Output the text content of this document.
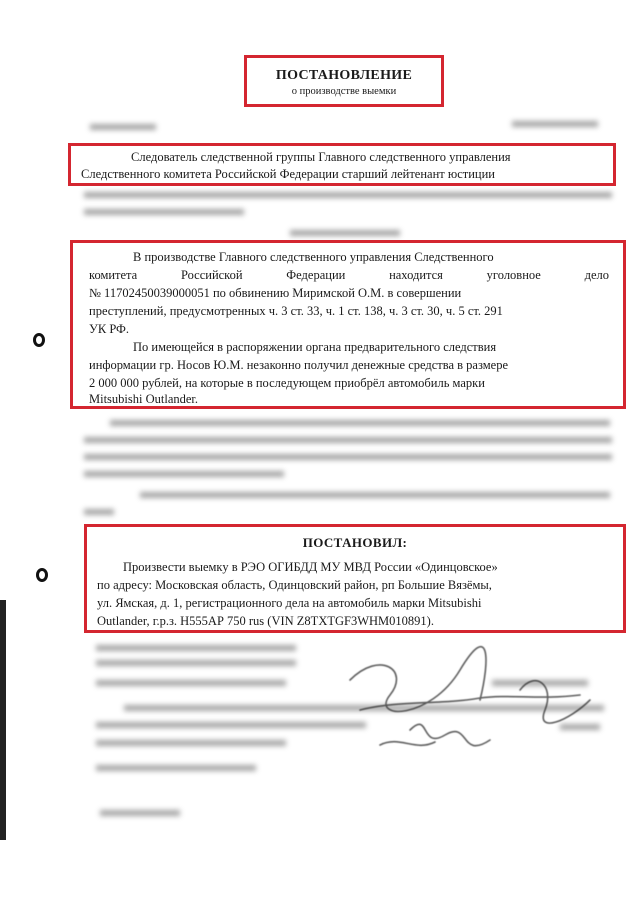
ПОСТАНОВЛЕНИЕ
о производстве выемки
Следователь следственной группы Главного следственного управления
Следственного комитета Российской Федерации старший лейтенант юстиции
В производстве Главного следственного управления Следственного
комитета Российской Федерации находится уголовное дело
№ 11702450039000051 по обвинению Миримской О.М. в совершении
преступлений, предусмотренных ч. 3 ст. 33, ч. 1 ст. 138, ч. 3 ст. 30, ч. 5 ст. 291
УК РФ.
По имеющейся в распоряжении органа предварительного следствия
информации гр. Носов Ю.М. незаконно получил денежные средства в размере
2 000 000 рублей, на которые в последующем приобрёл автомобиль марки
Mitsubishi Outlander.
ПОСТАНОВИЛ:
Произвести выемку в РЭО ОГИБДД МУ МВД России «Одинцовское»
по адресу: Московская область, Одинцовский район, рп Большие Вязёмы,
ул. Ямская, д. 1, регистрационного дела на автомобиль марки Mitsubishi
Outlander, г.р.з. Н555АР 750 rus (VIN Z8TXTGF3WHM010891).
